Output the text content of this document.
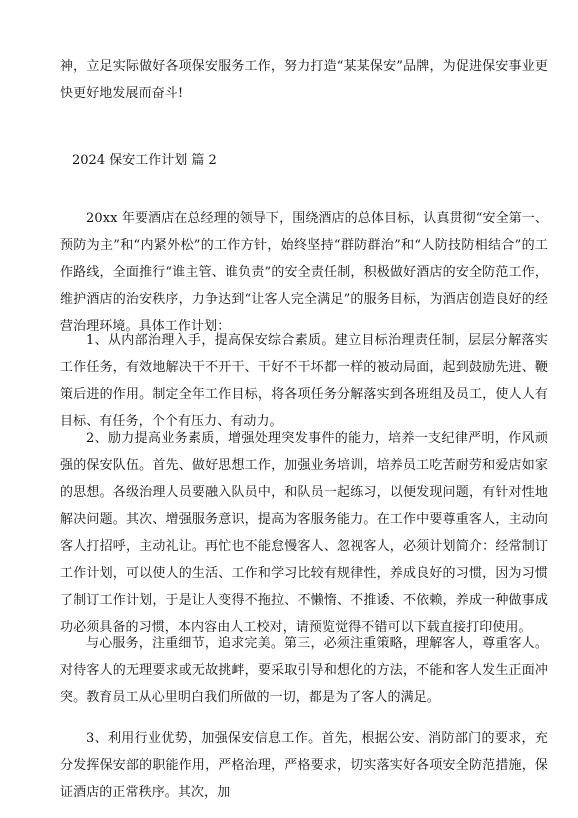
神，立足实际做好各项保安服务工作，努力打造“某某保安”品牌，为促进保安事业更快更好地发展而奋斗!

2024 保安工作计划 篇 2

20xx 年要酒店在总经理的领导下，围绕酒店的总体目标，认真贯彻“安全第一、预防为主”和“内紧外松”的工作方针，始终坚持“群防群治”和“人防技防相结合”的工作路线，全面推行“谁主管、谁负责”的安全责任制，积极做好酒店的安全防范工作，维护酒店的治安秩序，力争达到“让客人完全满足”的服务目标，为酒店创造良好的经营治理环境。具体工作计划：

1、从内部治理入手，提高保安综合素质。建立目标治理责任制，层层分解落实工作任务，有效地解决干不开干、干好不干坏都一样的被动局面，起到鼓励先进、鞭策后进的作用。制定全年工作目标，将各项任务分解落实到各班组及员工，使人人有目标、有任务，个个有压力、有动力。

2、励力提高业务素质，增强处理突发事件的能力，培养一支纪律严明，作风顽强的保安队伍。首先、做好思想工作，加强业务培训，培养员工吃苦耐劳和爱店如家的思想。各级治理人员要融入队员中，和队员一起练习，以便发现问题，有针对性地解决问题。其次、增强服务意识，提高为客服务能力。在工作中要尊重客人，主动向客人打招呼，主动礼让。再忙也不能怠慢客人、忽视客人，必须计划简介：经常制订工作计划，可以使人的生活、工作和学习比较有规律性，养成良好的习惯，因为习惯了制订工作计划，于是让人变得不拖拉、不懒惰、不推诿、不依赖，养成一种做事成功必须具备的习惯，本内容由人工校对，请预览觉得不错可以下载直接打印使用。

与心服务，注重细节，追求完美。第三，必须注重策略，理解客人，尊重客人。对待客人的无理要求或无故挑衅，要采取引导和想化的方法，不能和客人发生正面冲突。教育员工从心里明白我们所做的一切，都是为了客人的满足。

3、利用行业优势，加强保安信息工作。首先，根据公安、消防部门的要求，充分发挥保安部的职能作用，严格治理，严格要求，切实落实好各项安全防范措施，保证酒店的正常秩序。其次，加
